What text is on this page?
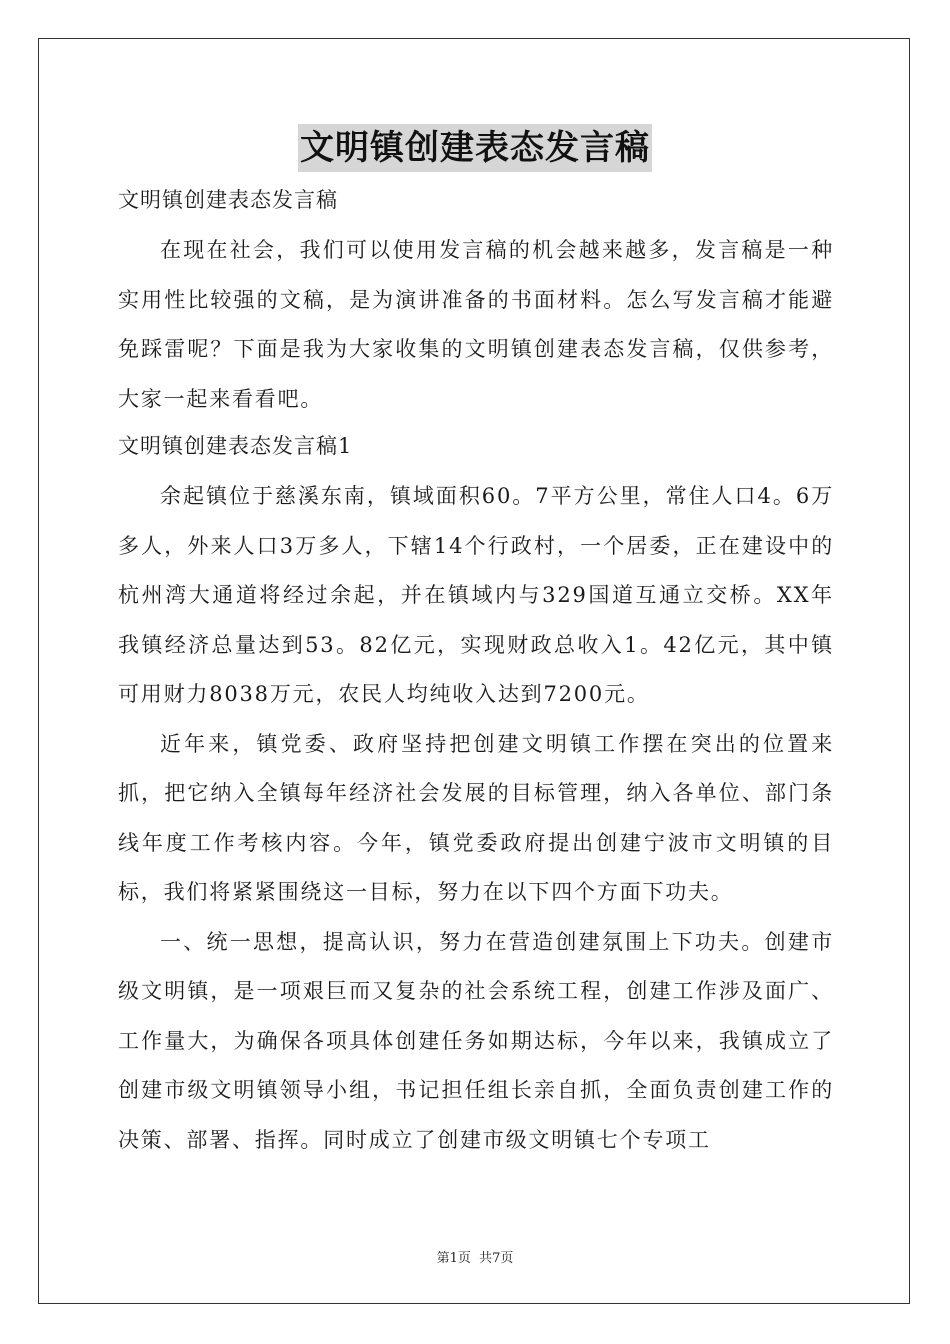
文明镇创建表态发言稿

文明镇创建表态发言稿

在现在社会，我们可以使用发言稿的机会越来越多，发言稿是一种实用性比较强的文稿，是为演讲准备的书面材料。怎么写发言稿才能避免踩雷呢？下面是我为大家收集的文明镇创建表态发言稿，仅供参考，大家一起来看看吧。

文明镇创建表态发言稿1

余起镇位于慈溪东南，镇域面积60。7平方公里，常住人口4。6万多人，外来人口3万多人，下辖14个行政村，一个居委，正在建设中的杭州湾大通道将经过余起，并在镇域内与329国道互通立交桥。XX年我镇经济总量达到53。82亿元，实现财政总收入1。42亿元，其中镇可用财力8038万元，农民人均纯收入达到7200元。

近年来，镇党委、政府坚持把创建文明镇工作摆在突出的位置来抓，把它纳入全镇每年经济社会发展的目标管理，纳入各单位、部门条线年度工作考核内容。今年，镇党委政府提出创建宁波市文明镇的目标，我们将紧紧围绕这一目标，努力在以下四个方面下功夫。

一、统一思想，提高认识，努力在营造创建氛围上下功夫。创建市级文明镇，是一项艰巨而又复杂的社会系统工程，创建工作涉及面广、工作量大，为确保各项具体创建任务如期达标，今年以来，我镇成立了创建市级文明镇领导小组，书记担任组长亲自抓，全面负责创建工作的决策、部署、指挥。同时成立了创建市级文明镇七个专项工

第1页 共7页
